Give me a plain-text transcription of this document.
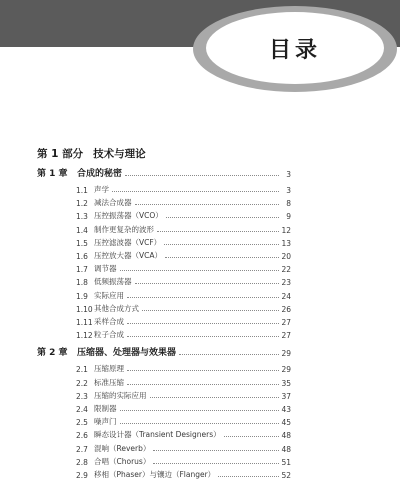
目录
第 1 部分 技术与理论
第 1 章	合成的秘密	3
1.1 声学	3
1.2 减法合成器	8
1.3 压控振荡器（VCO）	9
1.4 制作更复杂的波形	12
1.5 压控滤波器（VCF）	13
1.6 压控放大器（VCA）	20
1.7 调节器	22
1.8 低频振荡器	23
1.9 实际应用	24
1.10 其他合成方式	26
1.11 采样合成	27
1.12 粒子合成	27
第 2 章	压缩器、处理器与效果器	29
2.1 压缩原理	29
2.2 标准压缩	35
2.3 压缩的实际应用	37
2.4 限制器	43
2.5 噪声门	45
2.6 瞬态设计器（Transient Designers）	48
2.7 混响（Reverb）	48
2.8 合唱（Chorus）	51
2.9 移相（Phaser）与镶边（Flanger）	52
